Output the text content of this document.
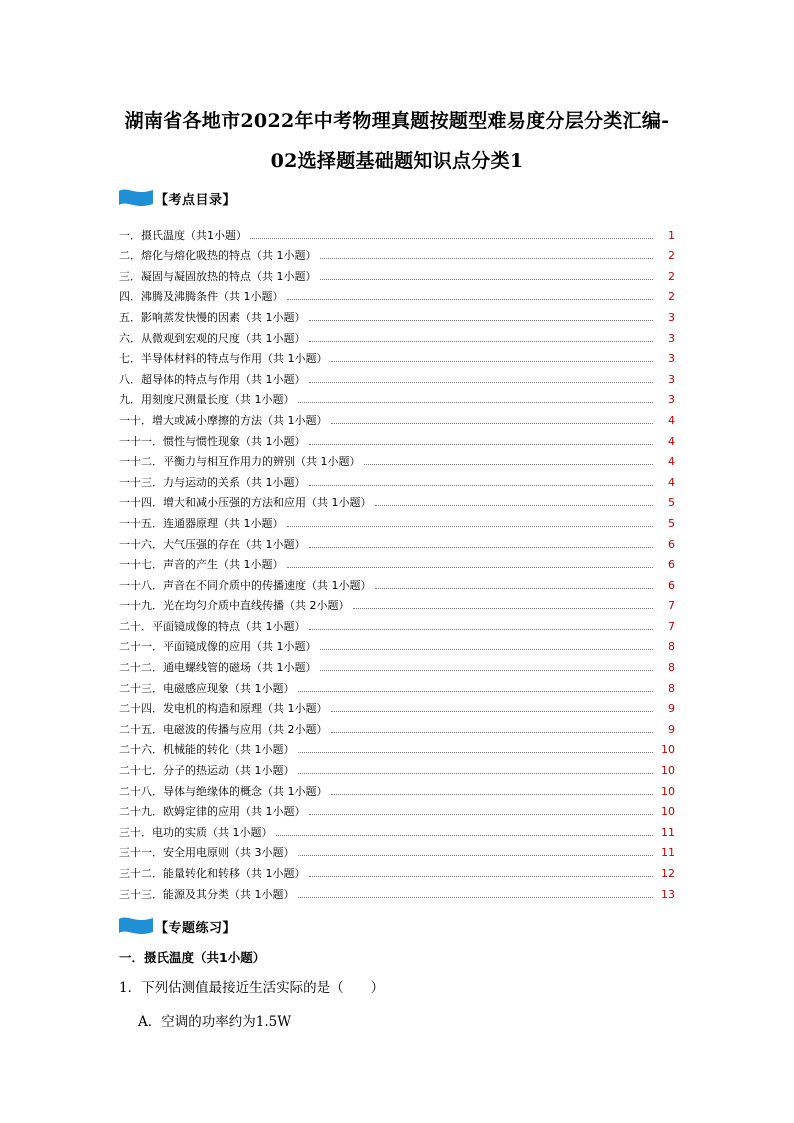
湖南省各地市2022年中考物理真题按题型难易度分层分类汇编-
02选择题基础题知识点分类1
【考点目录】
一．摄氏温度（共1小题）	1
二．熔化与熔化吸热的特点（共 1小题）	2
三．凝固与凝固放热的特点（共 1小题）	2
四．沸腾及沸腾条件（共 1小题）	2
五．影响蒸发快慢的因素（共 1小题）	3
六．从微观到宏观的尺度（共 1小题）	3
七．半导体材料的特点与作用（共 1小题）	3
八．超导体的特点与作用（共 1小题）	3
九．用刻度尺测量长度（共 1小题）	3
一十．增大或减小摩擦的方法（共 1小题）	4
一十一．惯性与惯性现象（共 1小题）	4
一十二．平衡力与相互作用力的辨别（共 1小题）	4
一十三．力与运动的关系（共 1小题）	4
一十四．增大和减小压强的方法和应用（共 1小题）	5
一十五．连通器原理（共 1小题）	5
一十六．大气压强的存在（共 1小题）	6
一十七．声音的产生（共 1小题）	6
一十八．声音在不同介质中的传播速度（共 1小题）	6
一十九．光在均匀介质中直线传播（共 2小题）	7
二十．平面镜成像的特点（共 1小题）	7
二十一．平面镜成像的应用（共 1小题）	8
二十二．通电螺线管的磁场（共 1小题）	8
二十三．电磁感应现象（共 1小题）	8
二十四．发电机的构造和原理（共 1小题）	9
二十五．电磁波的传播与应用（共 2小题）	9
二十六．机械能的转化（共 1小题）	10
二十七．分子的热运动（共 1小题）	10
二十八．导体与绝缘体的概念（共 1小题）	10
二十九．欧姆定律的应用（共 1小题）	10
三十．电功的实质（共 1小题）	11
三十一．安全用电原则（共 3小题）	11
三十二．能量转化和转移（共 1小题）	12
三十三．能源及其分类（共 1小题）	13
【专题练习】
一．摄氏温度（共1小题）
1．下列估测值最接近生活实际的是（　　）
A．空调的功率约为1.5W
